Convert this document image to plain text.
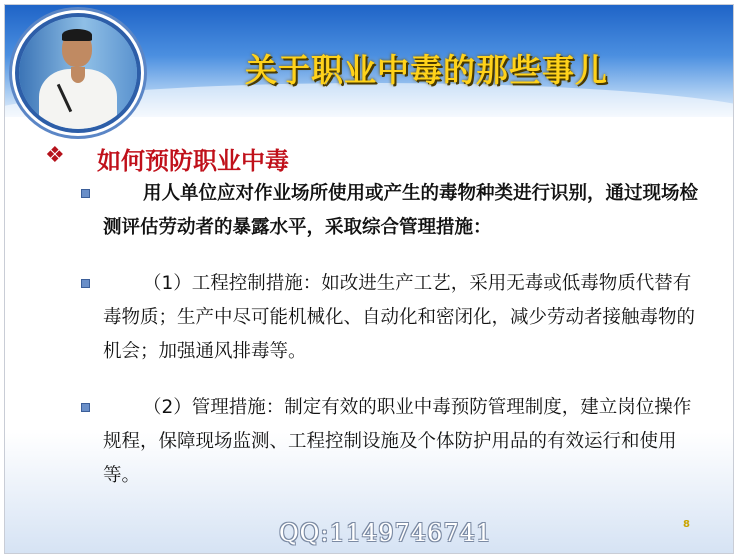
关于职业中毒的那些事儿
❖ 如何预防职业中毒
用人单位应对作业场所使用或产生的毒物种类进行识别，通过现场检测评估劳动者的暴露水平，采取综合管理措施：
（1）工程控制措施：如改进生产工艺，采用无毒或低毒物质代替有毒物质；生产中尽可能机械化、自动化和密闭化，减少劳动者接触毒物的机会；加强通风排毒等。
（2）管理措施：制定有效的职业中毒预防管理制度，建立岗位操作规程，保障现场监测、工程控制设施及个体防护用品的有效运行和使用等。
QQ:1149746741	8
